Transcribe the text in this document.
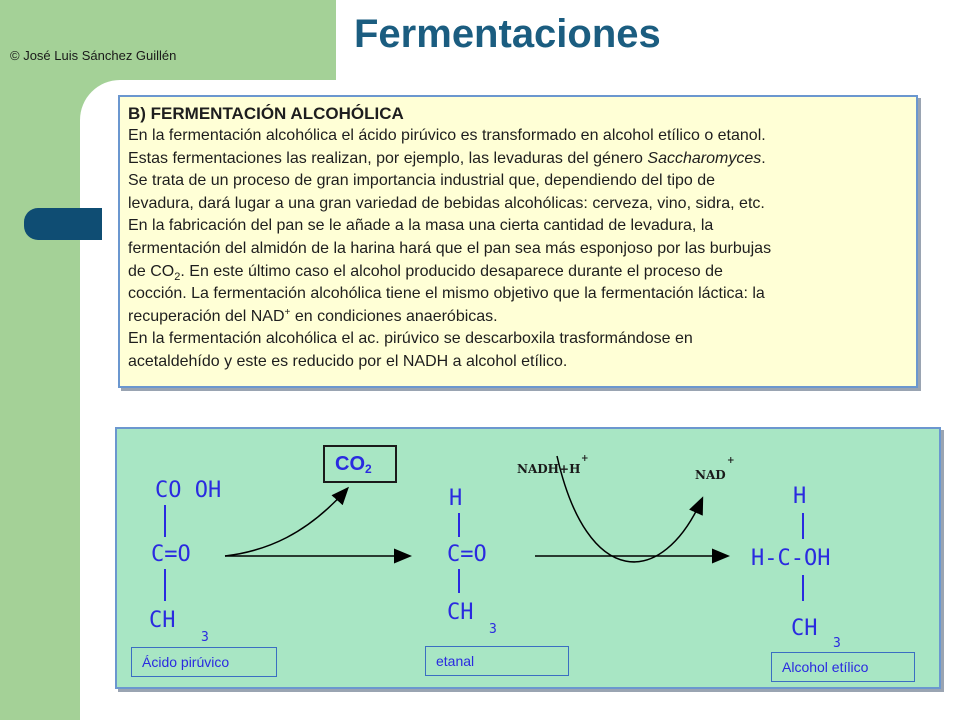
© José Luis Sánchez Guillén	Fermentaciones

B) FERMENTACIÓN ALCOHÓLICA

En la fermentación alcohólica el ácido pirúvico es transformado en alcohol etílico o etanol.

Estas fermentaciones las realizan, por ejemplo, las levaduras del género Saccharomyces.

Se trata de un proceso de gran importancia industrial que, dependiendo del tipo de

levadura, dará lugar a una gran variedad de bebidas alcohólicas: cerveza, vino, sidra, etc.

En la fabricación del pan se le añade a la masa una cierta cantidad de levadura, la

fermentación del almidón de la harina hará que el pan sea más esponjoso por las burbujas

de $CO_2$. En este último caso el alcohol producido desaparece durante el proceso de

cocción. La fermentación alcohólica tiene el mismo objetivo que la fermentación láctica: la

recuperación del NAD+ en condiciones anaeróbicas.

En la fermentación alcohólica el ac. pirúvico se descarboxila trasformándose en

acetaldehído y este es reducido por el NADH a alcohol etílico.

CO OH
C=O
CH
3
NADH+H
+
NAD
+
H
C=O
CH
3
H
H-C-OH
CH
3
$CO_2$
Ácido pirúvico	etanal	Alcohol etílico
